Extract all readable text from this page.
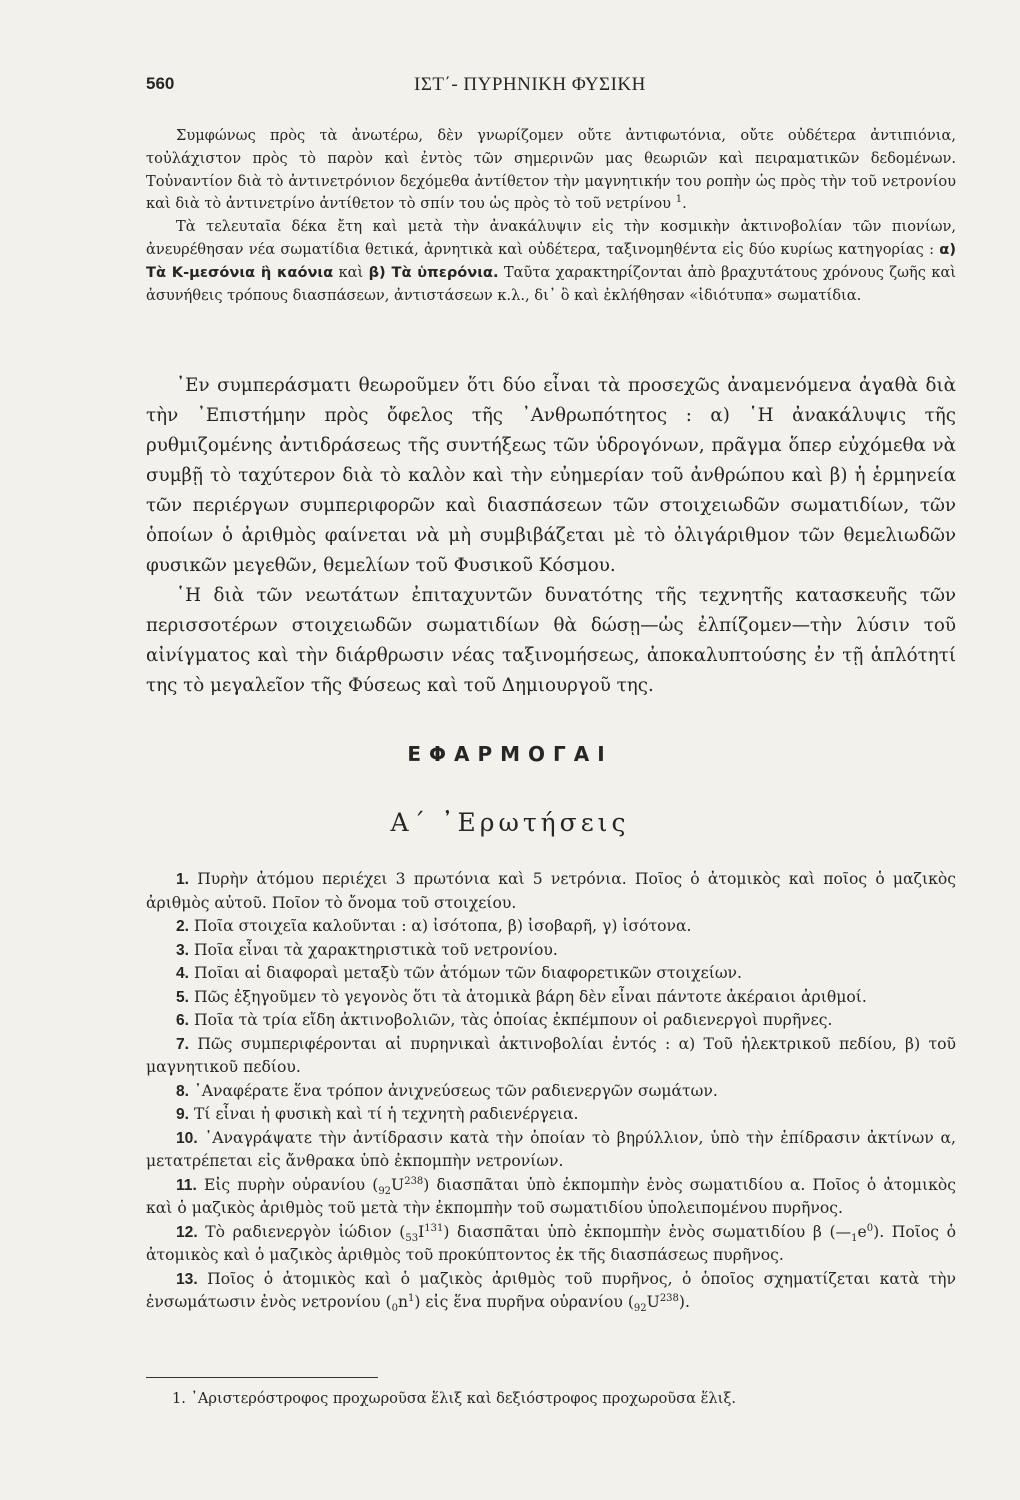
560	ΙΣΤ΄- ΠΥΡΗΝΙΚΗ ΦΥΣΙΚΗ

Συμφώνως πρὸς τὰ ἀνωτέρω, δὲν γνωρίζομεν οὔτε ἀντιφωτόνια, οὔτε οὐδέτερα ἀντιπιόνια, τοὐλάχιστον πρὸς τὸ παρὸν καὶ ἐντὸς τῶν σημερινῶν μας θεωριῶν καὶ πειραματικῶν δεδομένων. Τοὐναντίον διὰ τὸ ἀντινετρόνιον δεχόμεθα ἀντίθετον τὴν μαγνητικήν του ροπὴν ὡς πρὸς τὴν τοῦ νετρονίου καὶ διὰ τὸ ἀντινετρίνο ἀντίθετον τὸ σπίν του ὡς πρὸς τὸ τοῦ νετρίνου $^1$.

Τὰ τελευταῖα δέκα ἔτη καὶ μετὰ τὴν ἀνακάλυψιν εἰς τὴν κοσμικὴν ἀκτινοβολίαν τῶν πιονίων, ἀνευρέθησαν νέα σωματίδια θετικά, ἀρνητικὰ καὶ οὐδέτερα, ταξινομηθέντα εἰς δύο κυρίως κατηγορίας : α) Τὰ Κ-μεσόνια ἢ καόνια καὶ β) Τὰ ὑπερόνια. Ταῦτα χαρακτηρίζονται ἀπὸ βραχυτάτους χρόνους ζωῆς καὶ ἀσυνήθεις τρόπους διασπάσεων, ἀντιστάσεων κ.λ., δι᾽ ὃ καὶ ἐκλήθησαν «ἰδιότυπα» σωματίδια.

᾿Εν συμπεράσματι θεωροῦμεν ὅτι δύο εἶναι τὰ προσεχῶς ἀναμενόμενα ἀγαθὰ διὰ τὴν ᾿Επιστήμην πρὸς ὄφελος τῆς ᾿Ανθρωπότητος : α) ῾Η ἀνακάλυψις τῆς ρυθμιζομένης ἀντιδράσεως τῆς συντήξεως τῶν ὑδρογόνων, πρᾶγμα ὅπερ εὐχόμεθα νὰ συμβῇ τὸ ταχύτερον διὰ τὸ καλὸν καὶ τὴν εὐημερίαν τοῦ ἀνθρώπου καὶ β) ἡ ἑρμηνεία τῶν περιέργων συμπεριφορῶν καὶ διασπάσεων τῶν στοιχειωδῶν σωματιδίων, τῶν ὁποίων ὁ ἀριθμὸς φαίνεται νὰ μὴ συμβιβάζεται μὲ τὸ ὀλιγάριθμον τῶν θεμελιωδῶν φυσικῶν μεγεθῶν, θεμελίων τοῦ Φυσικοῦ Κόσμου.

῾Η διὰ τῶν νεωτάτων ἐπιταχυντῶν δυνατότης τῆς τεχνητῆς κατασκευῆς τῶν περισσοτέρων στοιχειωδῶν σωματιδίων θὰ δώσῃ—ὡς ἐλπίζομεν—τὴν λύσιν τοῦ αἰνίγματος καὶ τὴν διάρθρωσιν νέας ταξινομήσεως, ἀποκαλυπτούσης ἐν τῇ ἁπλότητί της τὸ μεγαλεῖον τῆς Φύσεως καὶ τοῦ Δημιουργοῦ της.

ΕΦΑΡΜΟΓΑΙ
Α΄ ᾿Ερωτήσεις

1. Πυρὴν ἀτόμου περιέχει 3 πρωτόνια καὶ 5 νετρόνια. Ποῖος ὁ ἀτομικὸς καὶ ποῖος ὁ μαζικὸς ἀριθμὸς αὐτοῦ. Ποῖον τὸ ὄνομα τοῦ στοιχείου.

2. Ποῖα στοιχεῖα καλοῦνται : α) ἰσότοπα, β) ἰσοβαρῆ, γ) ἰσότονα.

3. Ποῖα εἶναι τὰ χαρακτηριστικὰ τοῦ νετρονίου.

4. Ποῖαι αἱ διαφοραὶ μεταξὺ τῶν ἀτόμων τῶν διαφορετικῶν στοιχείων.

5. Πῶς ἐξηγοῦμεν τὸ γεγονὸς ὅτι τὰ ἀτομικὰ βάρη δὲν εἶναι πάντοτε ἀκέραιοι ἀριθμοί.

6. Ποῖα τὰ τρία εἴδη ἀκτινοβολιῶν, τὰς ὁποίας ἐκπέμπουν οἱ ραδιενεργοὶ πυρῆνες.

7. Πῶς συμπεριφέρονται αἱ πυρηνικαὶ ἀκτινοβολίαι ἐντός : α) Τοῦ ἠλεκτρικοῦ πεδίου, β) τοῦ μαγνητικοῦ πεδίου.

8. ᾿Αναφέρατε ἕνα τρόπον ἀνιχνεύσεως τῶν ραδιενεργῶν σωμάτων.

9. Τί εἶναι ἡ φυσικὴ καὶ τί ἡ τεχνητὴ ραδιενέργεια.

10. ᾿Αναγράψατε τὴν ἀντίδρασιν κατὰ τὴν ὁποίαν τὸ βηρύλλιον, ὑπὸ τὴν ἐπίδρασιν ἀκτίνων α, μετατρέπεται εἰς ἄνθρακα ὑπὸ ἐκπομπὴν νετρονίων.

11. Εἰς πυρὴν οὐρανίου $(_{92}U^{238})$ διασπᾶται ὑπὸ ἐκπομπὴν ἑνὸς σωματιδίου α. Ποῖος ὁ ἀτομικὸς καὶ ὁ μαζικὸς ἀριθμὸς τοῦ μετὰ τὴν ἐκπομπὴν τοῦ σωματιδίου ὑπολειπομένου πυρῆνος.

12. Τὸ ραδιενεργὸν ἰώδιον $(_{53}I^{131})$ διασπᾶται ὑπὸ ἐκπομπὴν ἑνὸς σωματιδίου β $(—_1e^0)$. Ποῖος ὁ ἀτομικὸς καὶ ὁ μαζικὸς ἀριθμὸς τοῦ προκύπτοντος ἐκ τῆς διασπάσεως πυρῆνος.

13. Ποῖος ὁ ἀτομικὸς καὶ ὁ μαζικὸς ἀριθμὸς τοῦ πυρῆνος, ὁ ὁποῖος σχηματίζεται κατὰ τὴν ἐνσωμάτωσιν ἑνὸς νετρονίου $(_0n^1)$ εἰς ἕνα πυρῆνα οὐρανίου $(_{92}U^{238})$.

1. ᾿Αριστερόστροφος προχωροῦσα ἕλιξ καὶ δεξιόστροφος προχωροῦσα ἕλιξ.
